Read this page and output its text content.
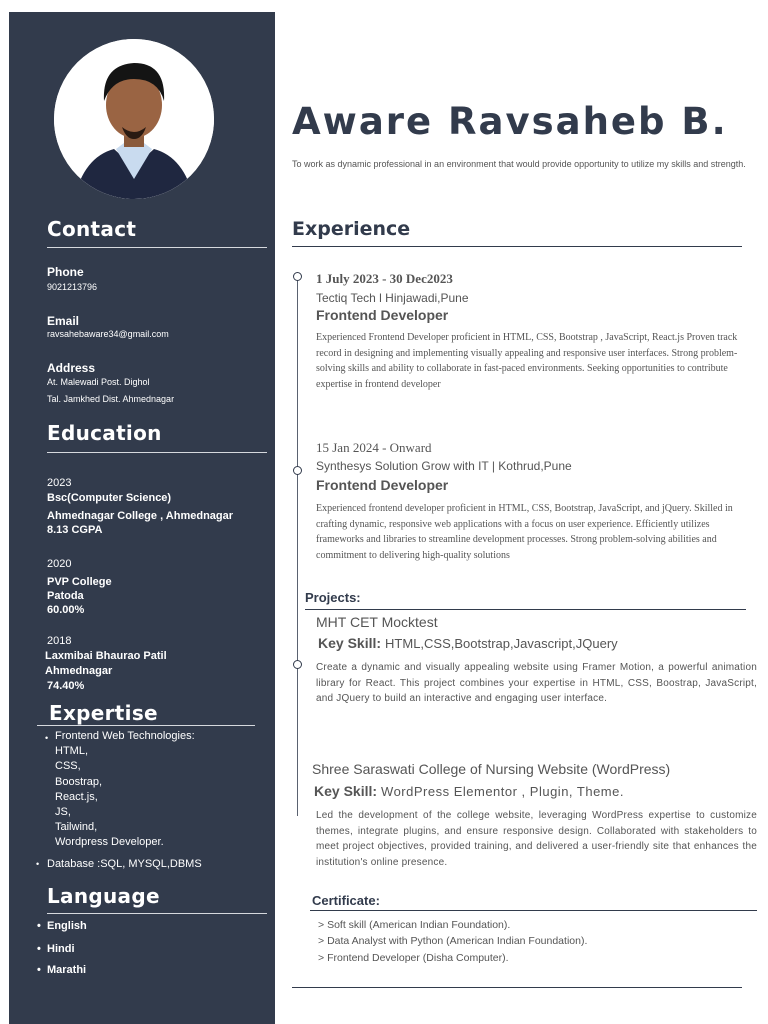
Contact
Phone
9021213796
Email
ravsahebaware34@gmail.com
Address
At. Malewadi Post. Dighol
Tal. Jamkhed Dist. Ahmednagar
Education
2023
Bsc(Computer Science)
Ahmednagar College , Ahmednagar
8.13 CGPA
2020
PVP College
Patoda
60.00%
2018
Laxmibai Bhaurao Patil
Ahmednagar
74.40%
Expertise
• Frontend Web Technologies:
HTML,
CSS,
Boostrap,
React.js,
JS,
Tailwind,
Wordpress Developer.
• Database :SQL, MYSQL,DBMS
Language
• English
• Hindi
• Marathi
Aware Ravsaheb B.
To work as dynamic professional in an environment that would provide opportunity to utilize my skills and strength.
Experience
1 July 2023 - 30 Dec2023
Tectiq Tech l Hinjawadi,Pune
Frontend Developer
Experienced Frontend Developer proficient in HTML, CSS, Bootstrap , JavaScript, React.js Proven track record in designing and implementing visually appealing and responsive user interfaces. Strong problem-solving skills and ability to collaborate in fast-paced environments. Seeking opportunities to contribute expertise in frontend developer
15 Jan 2024 - Onward
Synthesys Solution Grow with IT | Kothrud,Pune
Frontend Developer
Experienced frontend developer proficient in HTML, CSS, Bootstrap, JavaScript, and jQuery. Skilled in crafting dynamic, responsive web applications with a focus on user experience. Efficiently utilizes frameworks and libraries to streamline development processes. Strong problem-solving abilities and commitment to delivering high-quality solutions
Projects:
MHT CET Mocktest
Key Skill: HTML,CSS,Bootstrap,Javascript,JQuery
Create a dynamic and visually appealing website using Framer Motion, a powerful animation library for React. This project combines your expertise in HTML, CSS, Boostrap, JavaScript, and JQuery to build an interactive and engaging user interface.
Shree Saraswati College of Nursing Website (WordPress)
Key Skill: WordPress Elementor , Plugin, Theme.
Led the development of the college website, leveraging WordPress expertise to customize themes, integrate plugins, and ensure responsive design. Collaborated with stakeholders to meet project objectives, provided training, and delivered a user-friendly site that enhances the institution's online presence.
Certificate:
> Soft skill (American Indian Foundation).
> Data Analyst with Python (American Indian Foundation).
> Frontend Developer (Disha Computer).
